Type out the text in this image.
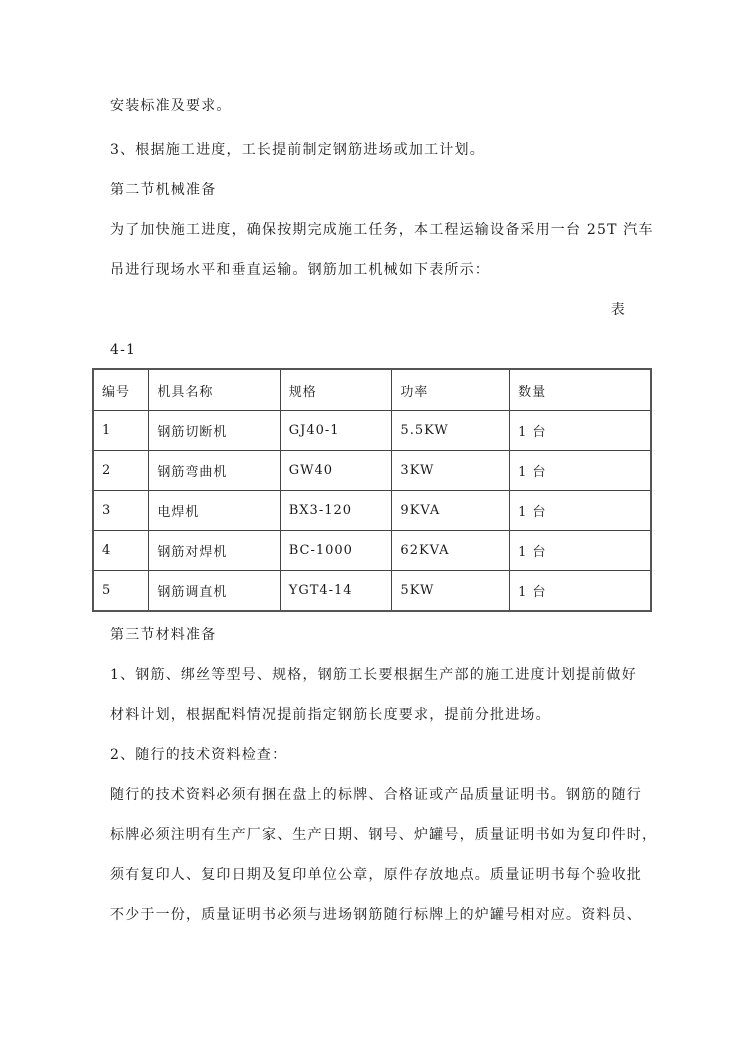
安装标准及要求。
3、根据施工进度，工长提前制定钢筋进场或加工计划。
第二节机械准备
为了加快施工进度，确保按期完成施工任务，本工程运输设备采用一台 25T 汽车
吊进行现场水平和垂直运输。钢筋加工机械如下表所示：
表
4-1
编号	机具名称	规格	功率	数量
1	钢筋切断机	GJ40-1	5.5KW	1 台
2	钢筋弯曲机	GW40	3KW	1 台
3	电焊机	BX3-120	9KVA	1 台
4	钢筋对焊机	BC-1000	62KVA	1 台
5	钢筋调直机	YGT4-14	5KW	1 台
第三节材料准备
1、钢筋、绑丝等型号、规格，钢筋工长要根据生产部的施工进度计划提前做好
材料计划，根据配料情况提前指定钢筋长度要求，提前分批进场。
2、随行的技术资料检查：
随行的技术资料必须有捆在盘上的标牌、合格证或产品质量证明书。钢筋的随行
标牌必须注明有生产厂家、生产日期、钢号、炉罐号，质量证明书如为复印件时，
须有复印人、复印日期及复印单位公章，原件存放地点。质量证明书每个验收批
不少于一份，质量证明书必须与进场钢筋随行标牌上的炉罐号相对应。资料员、
